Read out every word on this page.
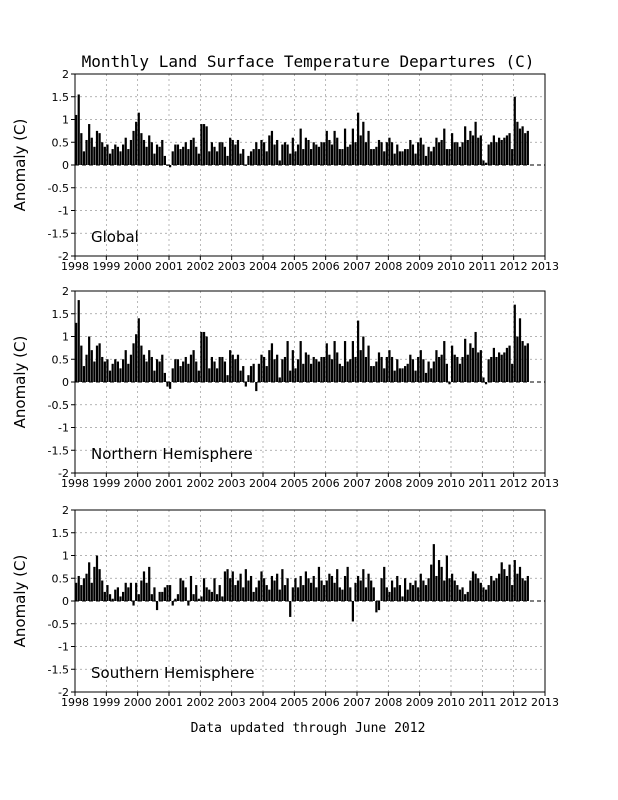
Monthly Land Surface Temperature Departures (C)
2
1.5
1
0.5
0
-0.5
-1
-1.5
-2
1998 1999 2000 2001 2002 2003 2004 2005 2006 2007 2008 2009 2010 2011 2012 2013
Anomaly (C)
Global
2
1.5
1
0.5
0
-0.5
-1
-1.5
-2
1998 1999 2000 2001 2002 2003 2004 2005 2006 2007 2008 2009 2010 2011 2012 2013
Anomaly (C)
Northern Hemisphere
2
1.5
1
0.5
0
-0.5
-1
-1.5
-2
1998 1999 2000 2001 2002 2003 2004 2005 2006 2007 2008 2009 2010 2011 2012 2013
Anomaly (C)
Southern Hemisphere
Data updated through June 2012
